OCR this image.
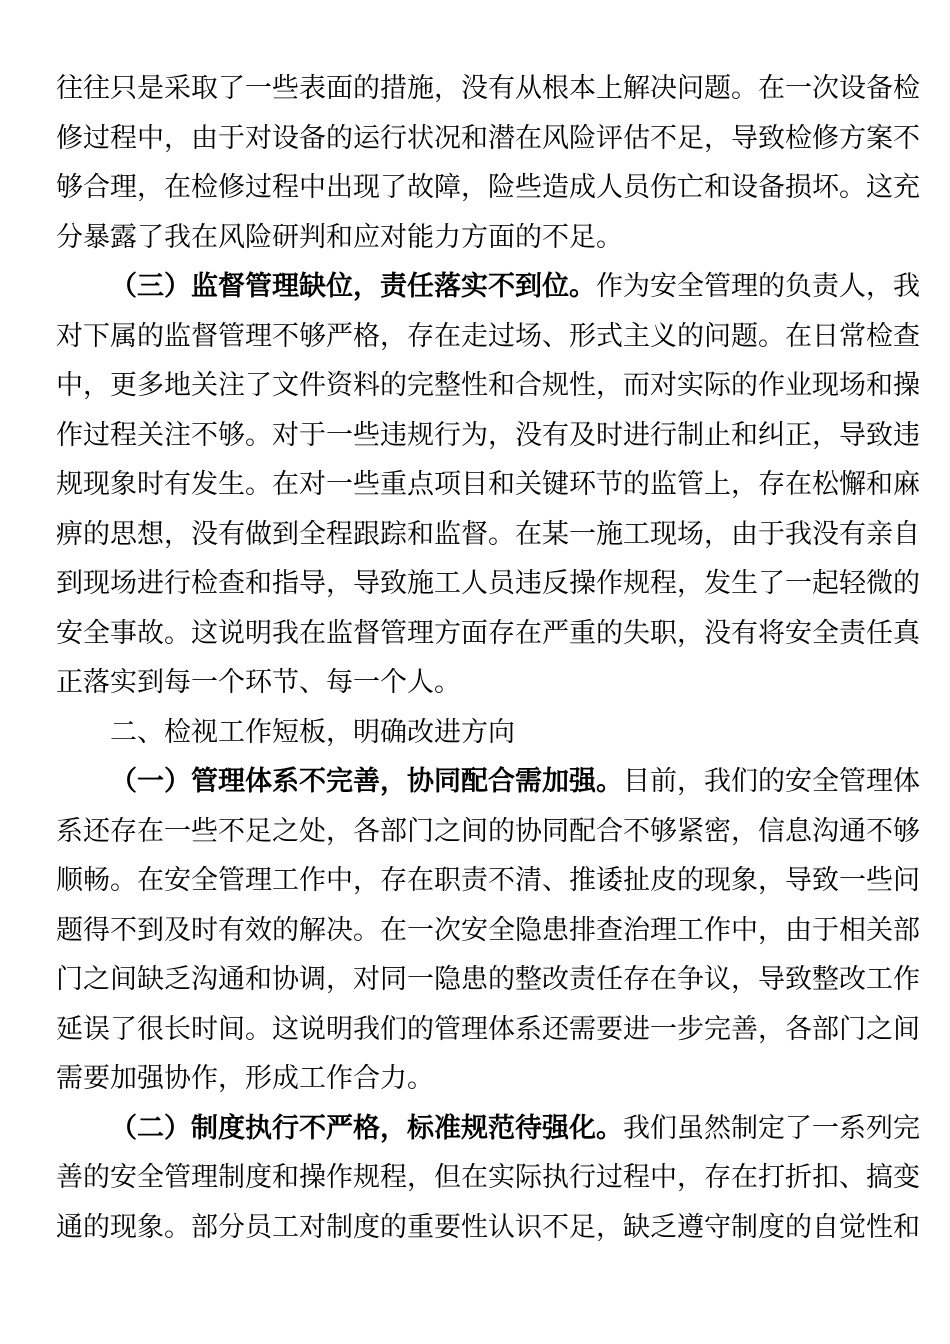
往往只是采取了一些表面的措施，没有从根本上解决问题。在一次设备检修过程中，由于对设备的运行状况和潜在风险评估不足，导致检修方案不够合理，在检修过程中出现了故障，险些造成人员伤亡和设备损坏。这充分暴露了我在风险研判和应对能力方面的不足。

（三）监督管理缺位，责任落实不到位。作为安全管理的负责人，我对下属的监督管理不够严格，存在走过场、形式主义的问题。在日常检查中，更多地关注了文件资料的完整性和合规性，而对实际的作业现场和操作过程关注不够。对于一些违规行为，没有及时进行制止和纠正，导致违规现象时有发生。在对一些重点项目和关键环节的监管上，存在松懈和麻痹的思想，没有做到全程跟踪和监督。在某一施工现场，由于我没有亲自到现场进行检查和指导，导致施工人员违反操作规程，发生了一起轻微的安全事故。这说明我在监督管理方面存在严重的失职，没有将安全责任真正落实到每一个环节、每一个人。

二、检视工作短板，明确改进方向

（一）管理体系不完善，协同配合需加强。目前，我们的安全管理体系还存在一些不足之处，各部门之间的协同配合不够紧密，信息沟通不够顺畅。在安全管理工作中，存在职责不清、推诿扯皮的现象，导致一些问题得不到及时有效的解决。在一次安全隐患排查治理工作中，由于相关部门之间缺乏沟通和协调，对同一隐患的整改责任存在争议，导致整改工作延误了很长时间。这说明我们的管理体系还需要进一步完善，各部门之间需要加强协作，形成工作合力。

（二）制度执行不严格，标准规范待强化。我们虽然制定了一系列完善的安全管理制度和操作规程，但在实际执行过程中，存在打折扣、搞变通的现象。部分员工对制度的重要性认识不足，缺乏遵守制度的自觉性和
